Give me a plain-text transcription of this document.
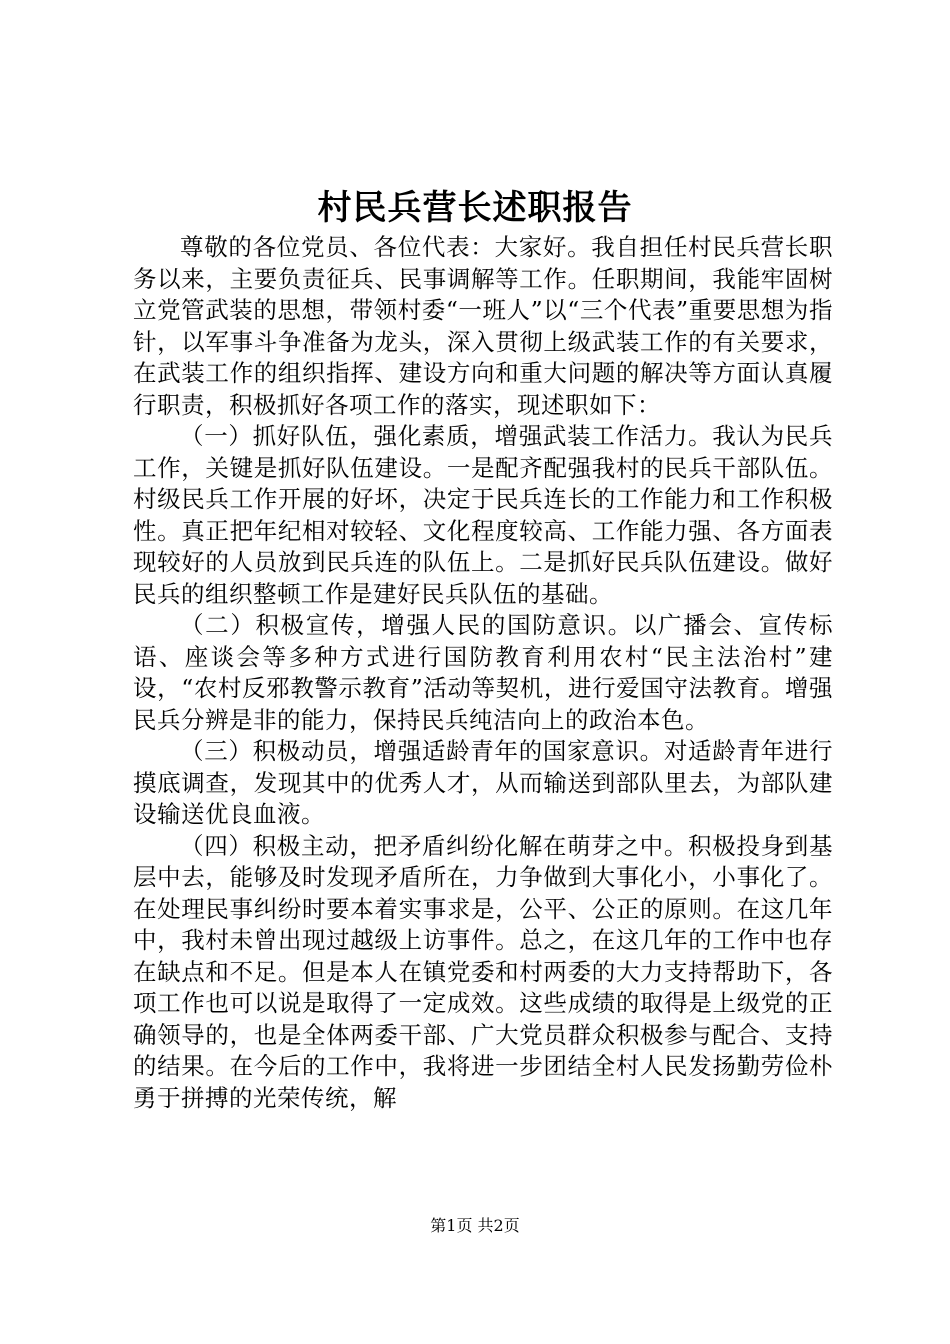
村民兵营长述职报告

尊敬的各位党员、各位代表：大家好。我自担任村民兵营长职务以来，主要负责征兵、民事调解等工作。任职期间，我能牢固树立党管武装的思想，带领村委“一班人”以“三个代表”重要思想为指针，以军事斗争准备为龙头，深入贯彻上级武装工作的有关要求，在武装工作的组织指挥、建设方向和重大问题的解决等方面认真履行职责，积极抓好各项工作的落实，现述职如下：

（一）抓好队伍，强化素质，增强武装工作活力。我认为民兵工作，关键是抓好队伍建设。一是配齐配强我村的民兵干部队伍。村级民兵工作开展的好坏，决定于民兵连长的工作能力和工作积极性。真正把年纪相对较轻、文化程度较高、工作能力强、各方面表现较好的人员放到民兵连的队伍上。二是抓好民兵队伍建设。做好民兵的组织整顿工作是建好民兵队伍的基础。

（二）积极宣传，增强人民的国防意识。以广播会、宣传标语、座谈会等多种方式进行国防教育利用农村“民主法治村”建设，“农村反邪教警示教育”活动等契机，进行爱国守法教育。增强民兵分辨是非的能力，保持民兵纯洁向上的政治本色。

（三）积极动员，增强适龄青年的国家意识。对适龄青年进行摸底调查，发现其中的优秀人才，从而输送到部队里去，为部队建设输送优良血液。

（四）积极主动，把矛盾纠纷化解在萌芽之中。积极投身到基层中去，能够及时发现矛盾所在，力争做到大事化小，小事化了。在处理民事纠纷时要本着实事求是，公平、公正的原则。在这几年中，我村未曾出现过越级上访事件。总之，在这几年的工作中也存在缺点和不足。但是本人在镇党委和村两委的大力支持帮助下，各项工作也可以说是取得了一定成效。这些成绩的取得是上级党的正确领导的，也是全体两委干部、广大党员群众积极参与配合、支持的结果。在今后的工作中，我将进一步团结全村人民发扬勤劳俭朴勇于拼搏的光荣传统，解

第1页 共2页
